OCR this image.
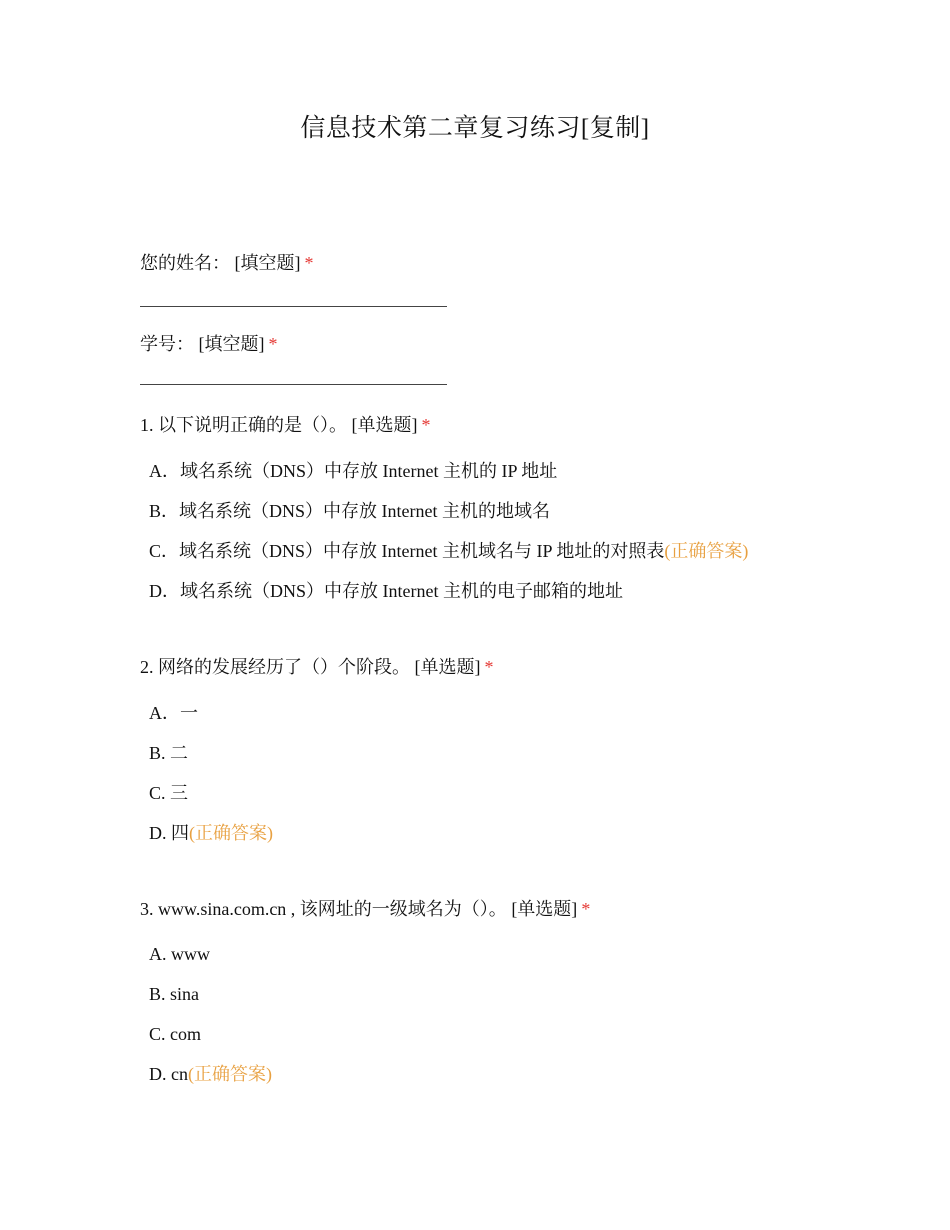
信息技术第二章复习练习[复制]
您的姓名： [填空题] *
学号： [填空题] *
1. 以下说明正确的是（）。 [单选题] *
A．域名系统（DNS）中存放 Internet 主机的 IP 地址
B．域名系统（DNS）中存放 Internet 主机的地域名
C．域名系统（DNS）中存放 Internet 主机域名与 IP 地址的对照表(正确答案)
D．域名系统（DNS）中存放 Internet 主机的电子邮箱的地址
2. 网络的发展经历了（）个阶段。 [单选题] *
A．一
B. 二
C. 三
D. 四(正确答案)
3. www.sina.com.cn , 该网址的一级域名为（）。 [单选题] *
A. www
B. sina
C. com
D. cn(正确答案)
